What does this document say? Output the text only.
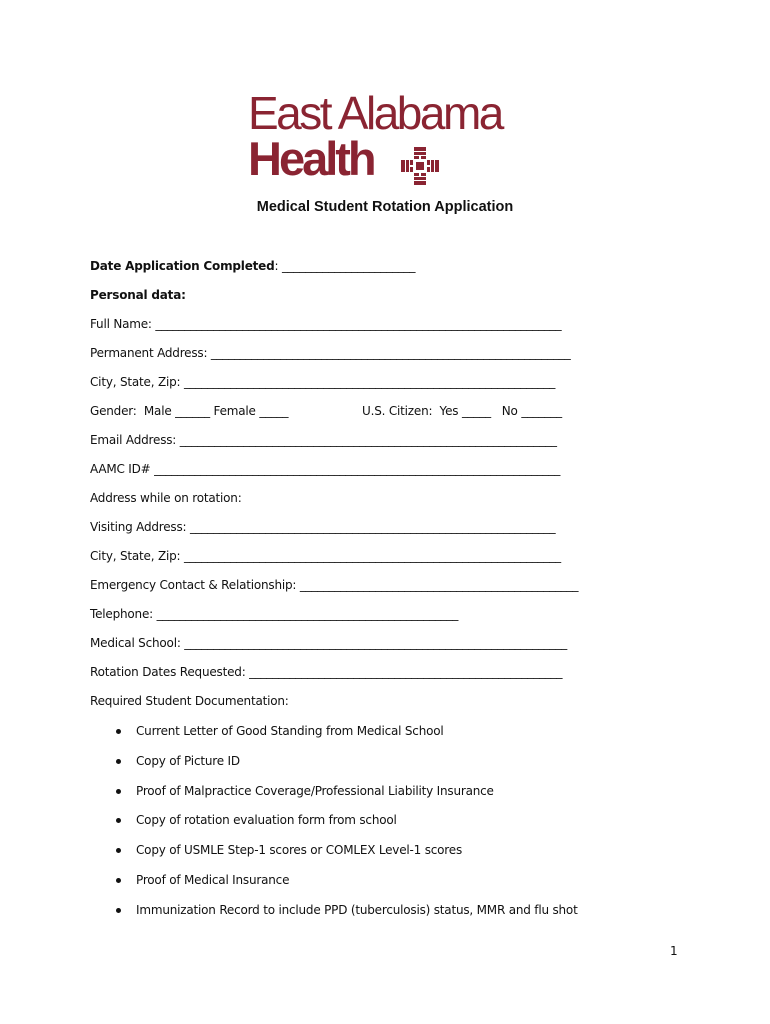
East Alabama
Health
Medical Student Rotation Application
Date Application Completed: _______________________
Personal data:
Full Name: ______________________________________________________________________
Permanent Address: ______________________________________________________________
City, State, Zip: ________________________________________________________________
Gender:  Male ______ Female _____	U.S. Citizen:  Yes _____   No _______
Email Address: _________________________________________________________________
AAMC ID# ______________________________________________________________________
Address while on rotation:
Visiting Address: _______________________________________________________________
City, State, Zip: _________________________________________________________________
Emergency Contact & Relationship: ________________________________________________
Telephone: ____________________________________________________
Medical School: __________________________________________________________________
Rotation Dates Requested: ______________________________________________________
Required Student Documentation:
Current Letter of Good Standing from Medical School
Copy of Picture ID
Proof of Malpractice Coverage/Professional Liability Insurance
Copy of rotation evaluation form from school
Copy of USMLE Step-1 scores or COMLEX Level-1 scores
Proof of Medical Insurance
Immunization Record to include PPD (tuberculosis) status, MMR and flu shot
1
